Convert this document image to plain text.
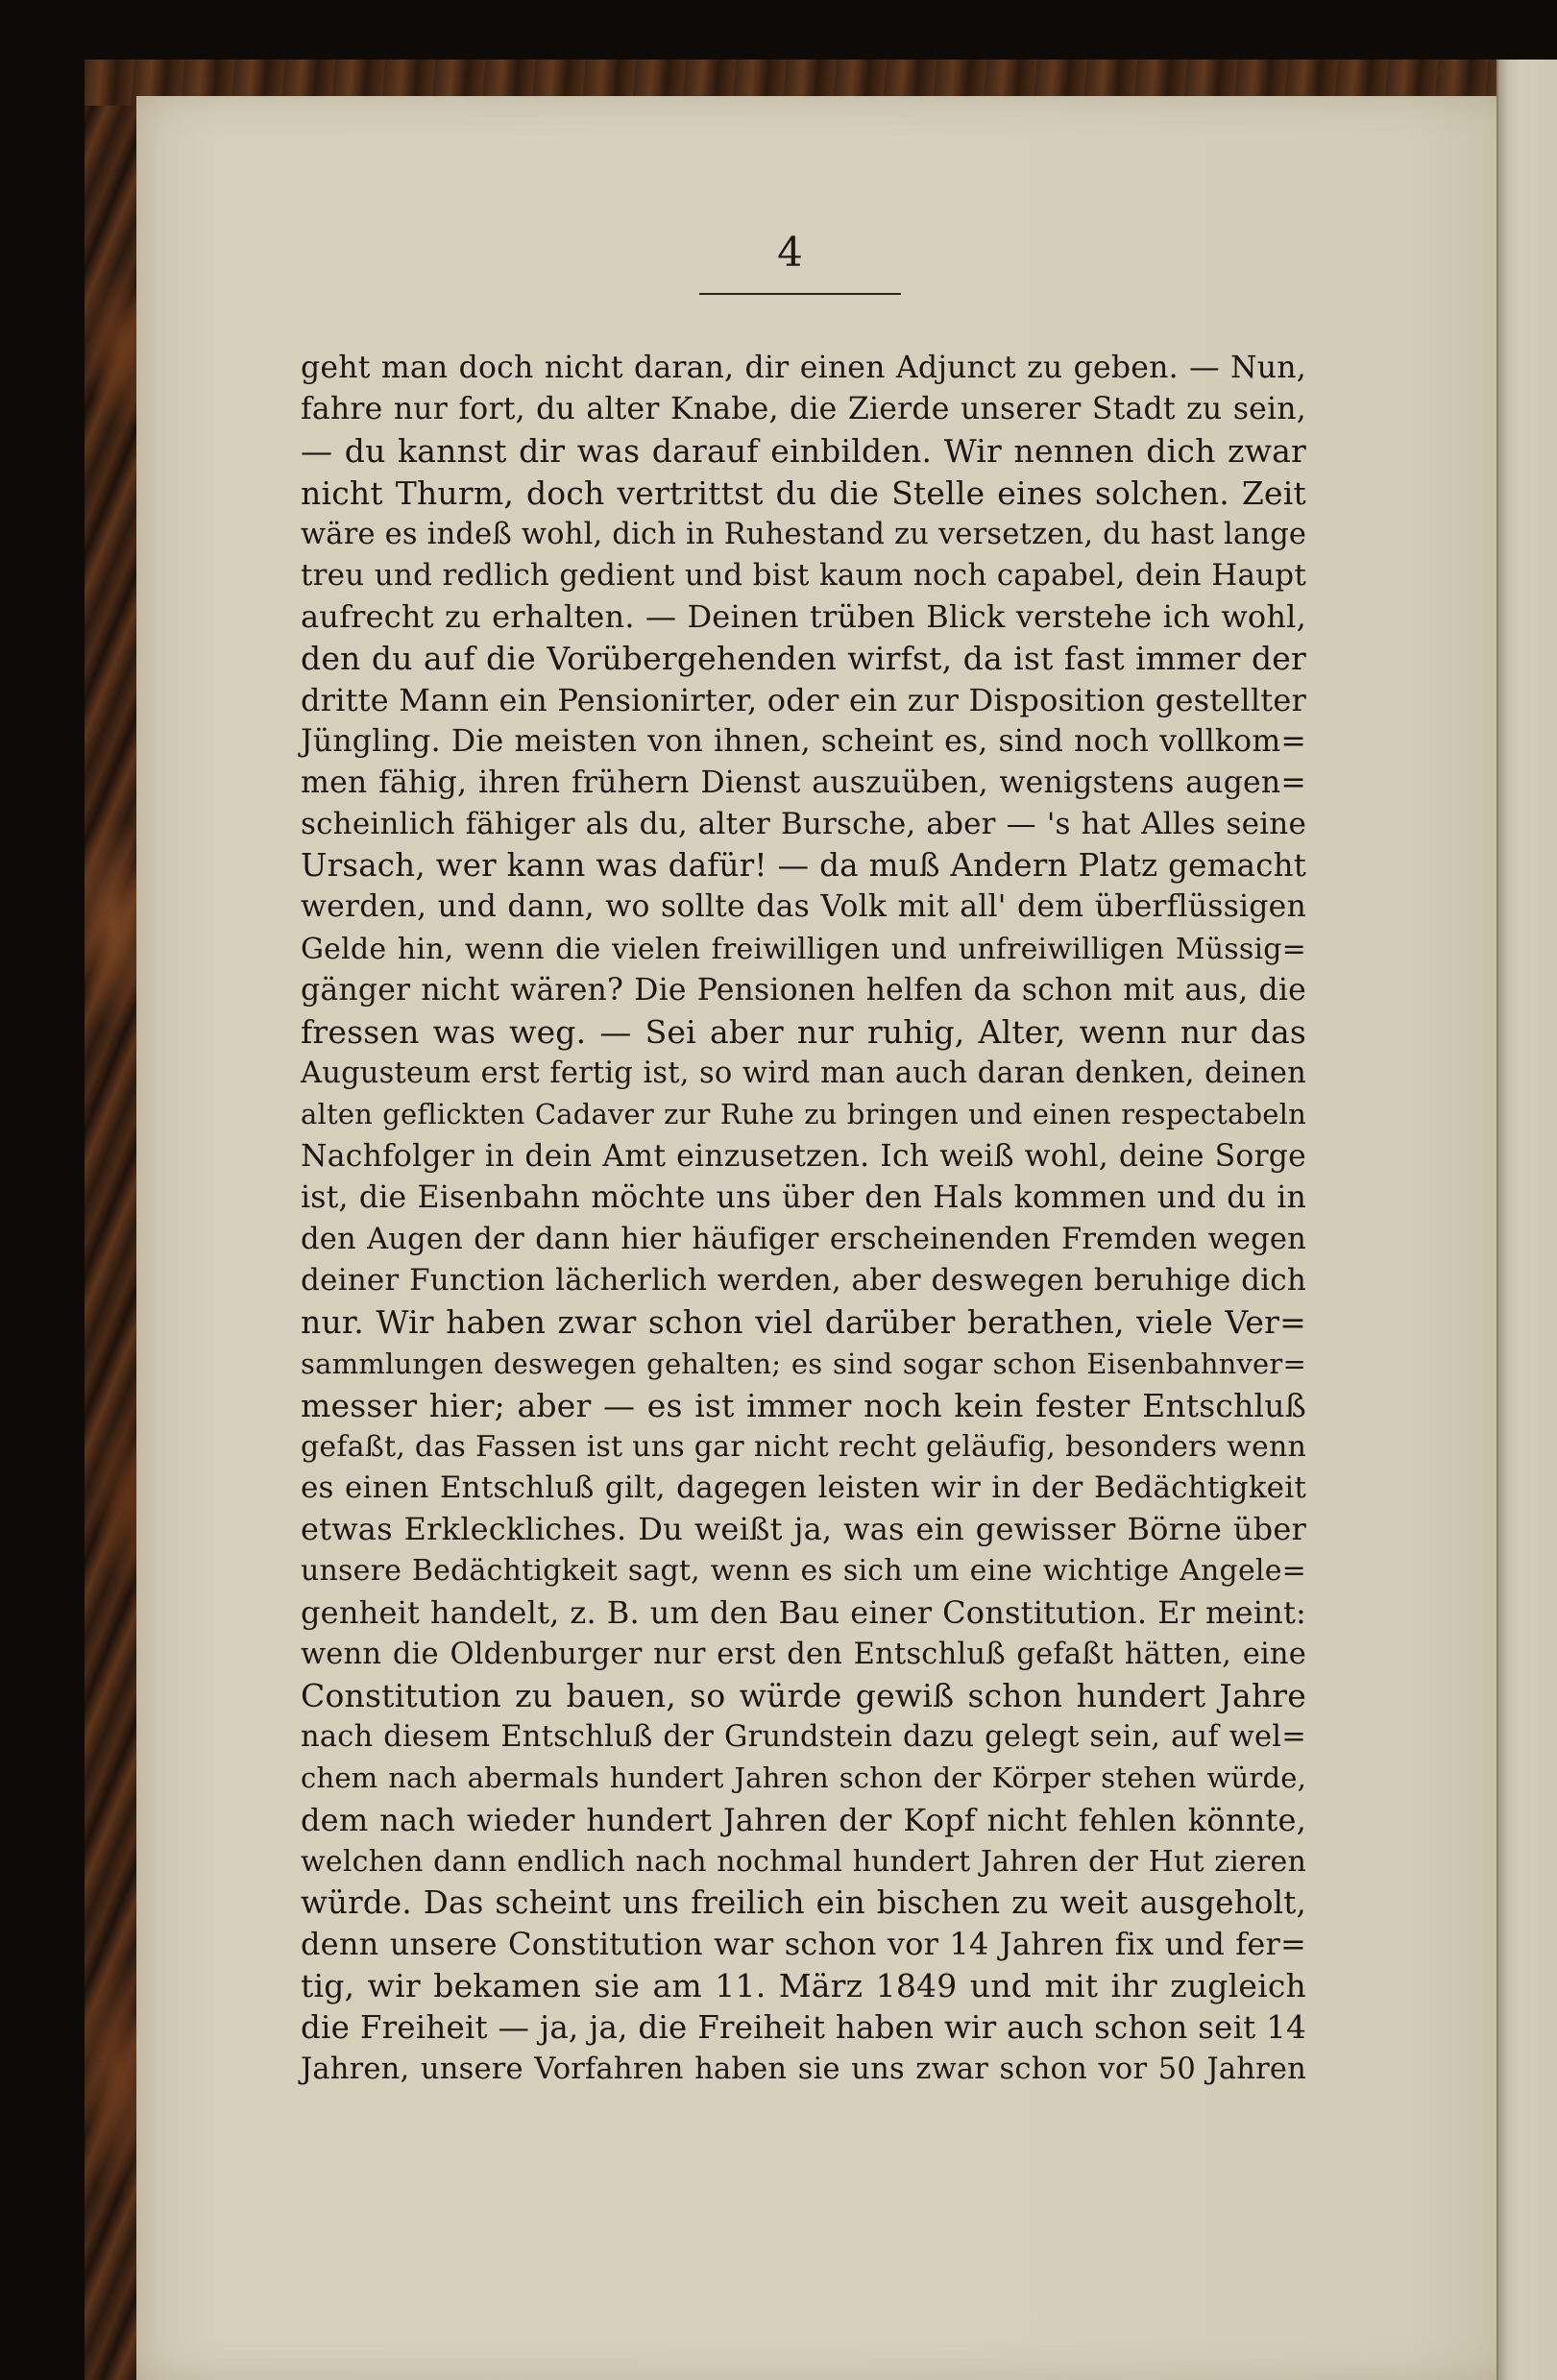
4
geht man doch nicht daran, dir einen Adjunct zu geben. — Nun,
fahre nur fort, du alter Knabe, die Zierde unserer Stadt zu sein,
— du kannst dir was darauf einbilden. Wir nennen dich zwar
nicht Thurm, doch vertrittst du die Stelle eines solchen. Zeit
wäre es indeß wohl, dich in Ruhestand zu versetzen, du hast lange
treu und redlich gedient und bist kaum noch capabel, dein Haupt
aufrecht zu erhalten. — Deinen trüben Blick verstehe ich wohl,
den du auf die Vorübergehenden wirfst, da ist fast immer der
dritte Mann ein Pensionirter, oder ein zur Disposition gestellter
Jüngling. Die meisten von ihnen, scheint es, sind noch vollkom=
men fähig, ihren frühern Dienst auszuüben, wenigstens augen=
scheinlich fähiger als du, alter Bursche, aber — 's hat Alles seine
Ursach, wer kann was dafür! — da muß Andern Platz gemacht
werden, und dann, wo sollte das Volk mit all' dem überflüssigen
Gelde hin, wenn die vielen freiwilligen und unfreiwilligen Müssig=
gänger nicht wären? Die Pensionen helfen da schon mit aus, die
fressen was weg. — Sei aber nur ruhig, Alter, wenn nur das
Augusteum erst fertig ist, so wird man auch daran denken, deinen
alten geflickten Cadaver zur Ruhe zu bringen und einen respectabeln
Nachfolger in dein Amt einzusetzen. Ich weiß wohl, deine Sorge
ist, die Eisenbahn möchte uns über den Hals kommen und du in
den Augen der dann hier häufiger erscheinenden Fremden wegen
deiner Function lächerlich werden, aber deswegen beruhige dich
nur. Wir haben zwar schon viel darüber berathen, viele Ver=
sammlungen deswegen gehalten; es sind sogar schon Eisenbahnver=
messer hier; aber — es ist immer noch kein fester Entschluß
gefaßt, das Fassen ist uns gar nicht recht geläufig, besonders wenn
es einen Entschluß gilt, dagegen leisten wir in der Bedächtigkeit
etwas Erkleckliches. Du weißt ja, was ein gewisser Börne über
unsere Bedächtigkeit sagt, wenn es sich um eine wichtige Angele=
genheit handelt, z. B. um den Bau einer Constitution. Er meint:
wenn die Oldenburger nur erst den Entschluß gefaßt hätten, eine
Constitution zu bauen, so würde gewiß schon hundert Jahre
nach diesem Entschluß der Grundstein dazu gelegt sein, auf wel=
chem nach abermals hundert Jahren schon der Körper stehen würde,
dem nach wieder hundert Jahren der Kopf nicht fehlen könnte,
welchen dann endlich nach nochmal hundert Jahren der Hut zieren
würde. Das scheint uns freilich ein bischen zu weit ausgeholt,
denn unsere Constitution war schon vor 14 Jahren fix und fer=
tig, wir bekamen sie am 11. März 1849 und mit ihr zugleich
die Freiheit — ja, ja, die Freiheit haben wir auch schon seit 14
Jahren, unsere Vorfahren haben sie uns zwar schon vor 50 Jahren
